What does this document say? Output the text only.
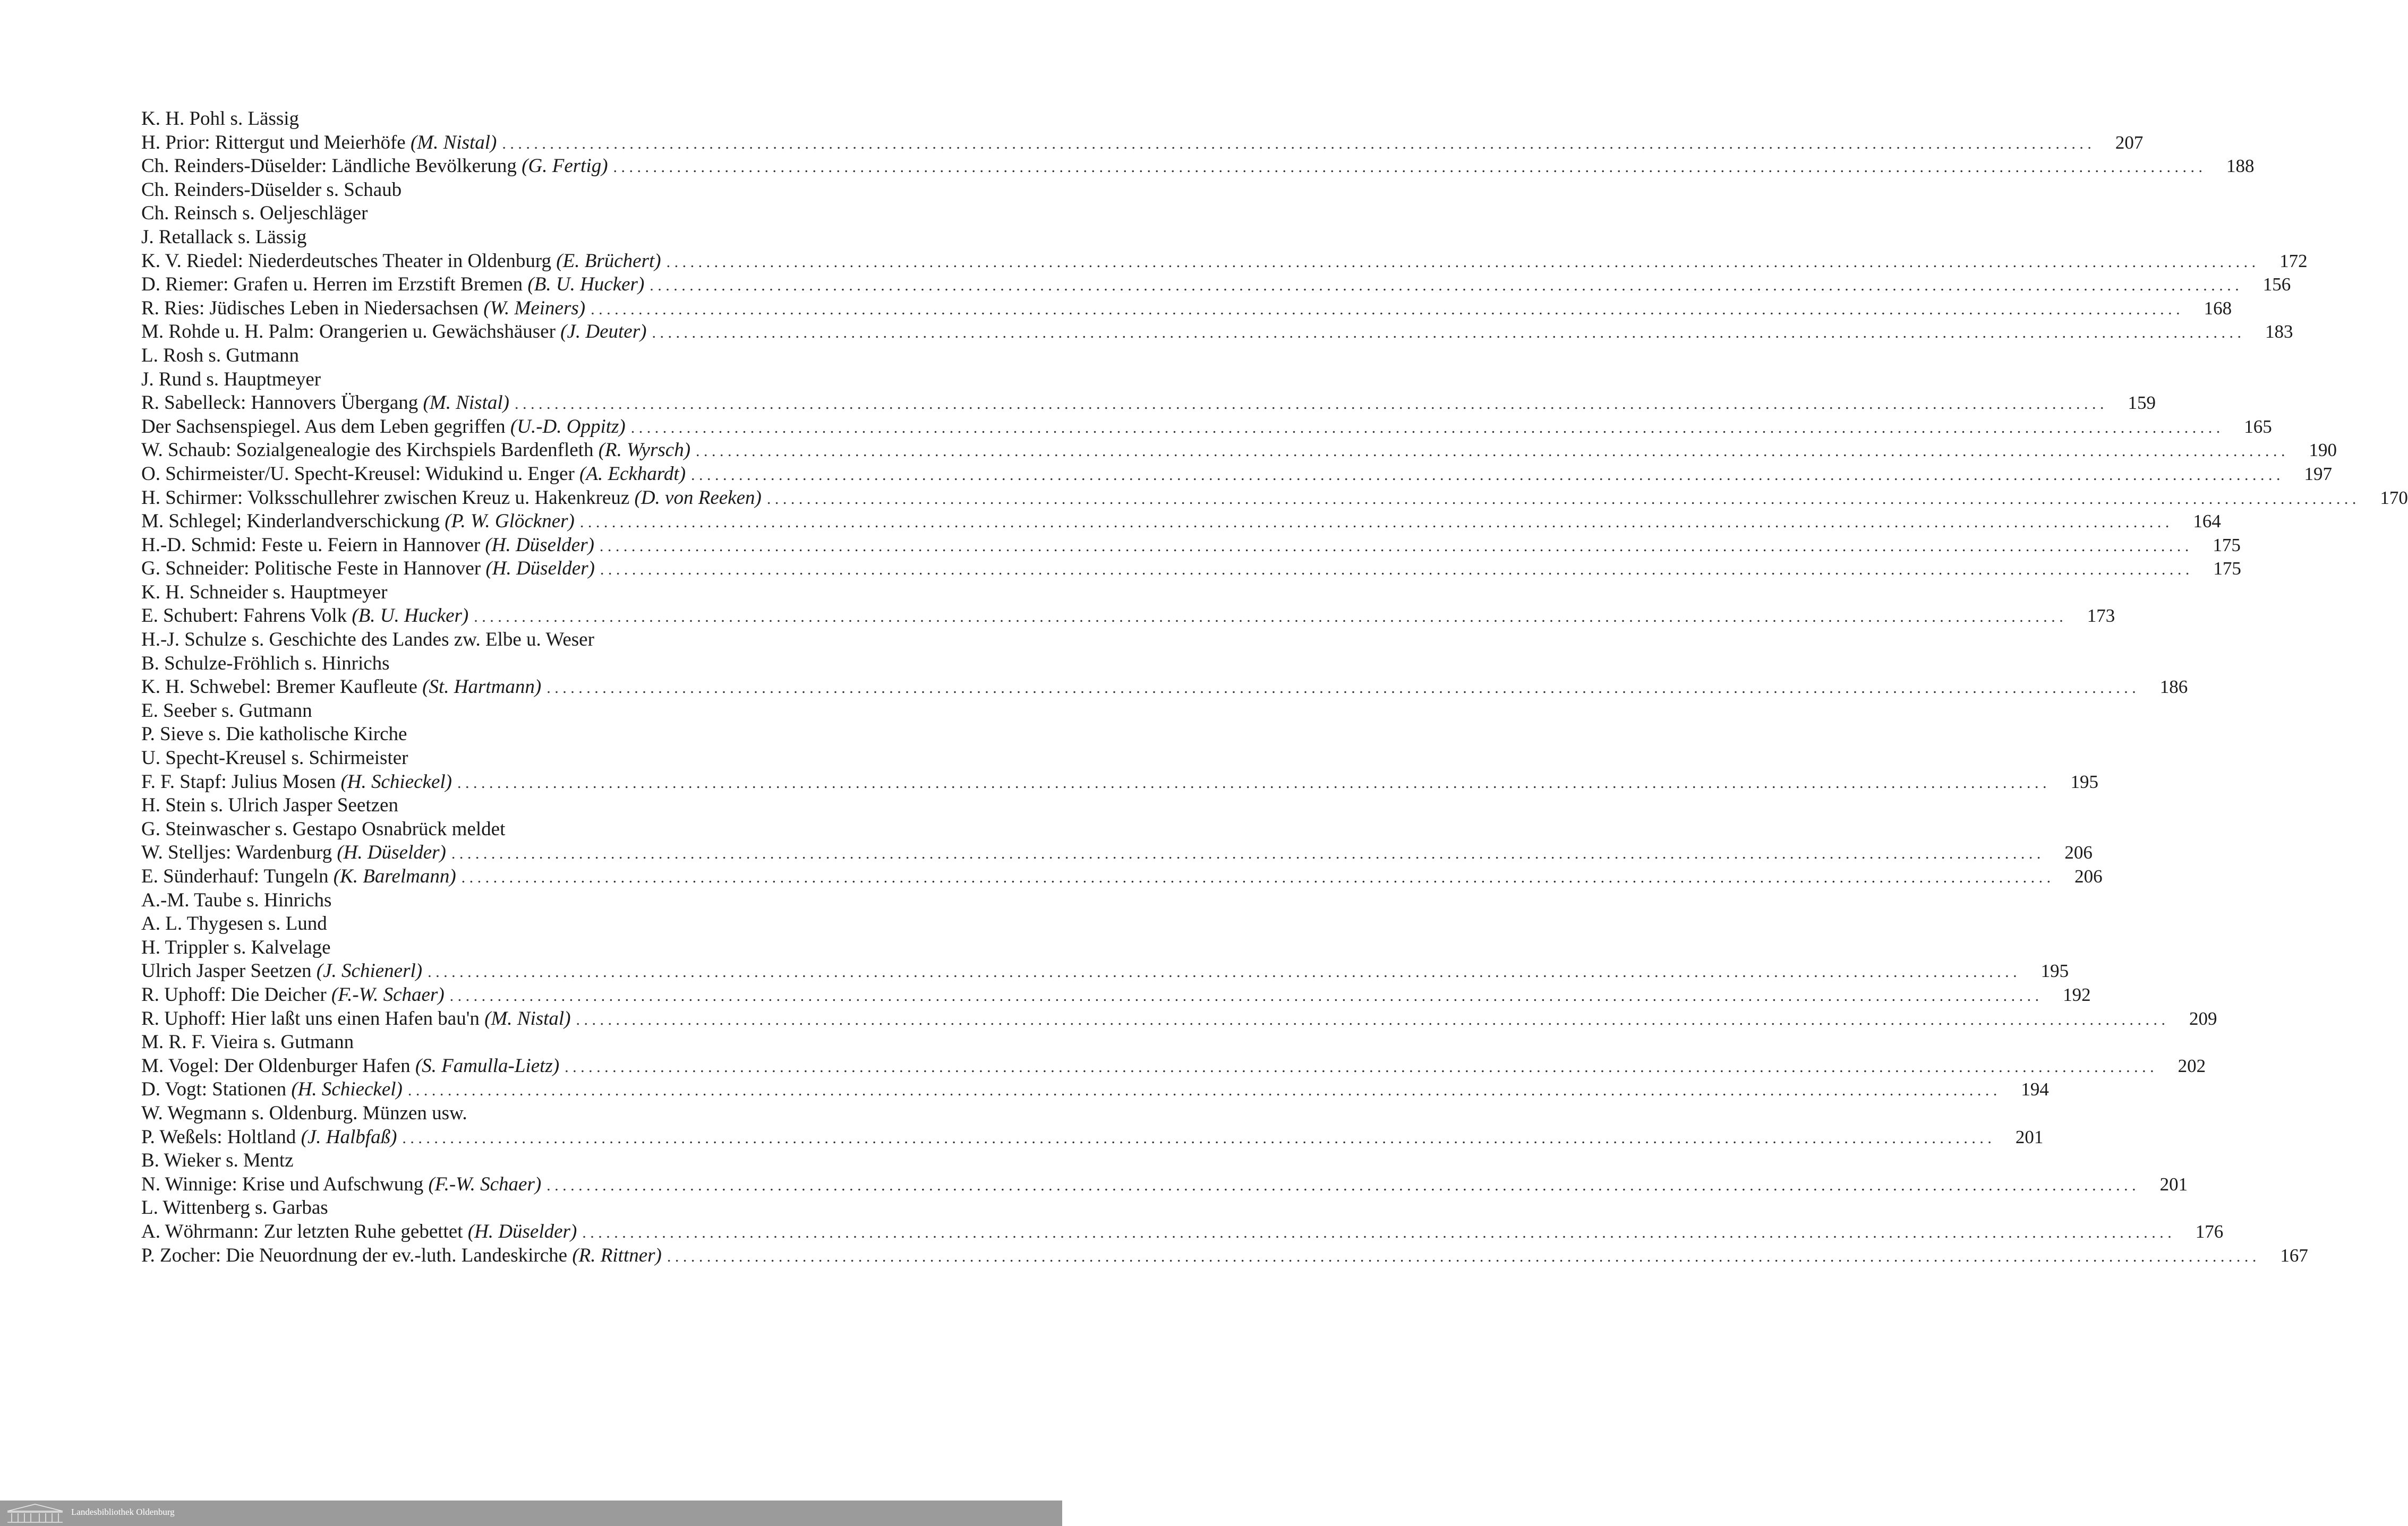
K. H. Pohl s. Lässig
H. Prior: Rittergut und Meierhöfe (M. Nistal) ........................................................................................................................................................................................................ 207
Ch. Reinders-Düselder: Ländliche Bevölkerung (G. Fertig) ........................................................................................................................................................................................................ 188
Ch. Reinders-Düselder s. Schaub
Ch. Reinsch s. Oeljeschläger
J. Retallack s. Lässig
K. V. Riedel: Niederdeutsches Theater in Oldenburg (E. Brüchert) ........................................................................................................................................................................................................ 172
D. Riemer: Grafen u. Herren im Erzstift Bremen (B. U. Hucker) ........................................................................................................................................................................................................ 156
R. Ries: Jüdisches Leben in Niedersachsen (W. Meiners) ........................................................................................................................................................................................................ 168
M. Rohde u. H. Palm: Orangerien u. Gewächshäuser (J. Deuter) ........................................................................................................................................................................................................ 183
L. Rosh s. Gutmann
J. Rund s. Hauptmeyer
R. Sabelleck: Hannovers Übergang (M. Nistal) ........................................................................................................................................................................................................ 159
Der Sachsenspiegel. Aus dem Leben gegriffen (U.-D. Oppitz) ........................................................................................................................................................................................................ 165
W. Schaub: Sozialgenealogie des Kirchspiels Bardenfleth (R. Wyrsch) ........................................................................................................................................................................................................ 190
O. Schirmeister/U. Specht-Kreusel: Widukind u. Enger (A. Eckhardt) ........................................................................................................................................................................................................ 197
H. Schirmer: Volksschullehrer zwischen Kreuz u. Hakenkreuz (D. von Reeken) ........................................................................................................................................................................................................ 170
M. Schlegel; Kinderlandverschickung (P. W. Glöckner) ........................................................................................................................................................................................................ 164
H.-D. Schmid: Feste u. Feiern in Hannover (H. Düselder) ........................................................................................................................................................................................................ 175
G. Schneider: Politische Feste in Hannover (H. Düselder) ........................................................................................................................................................................................................ 175
K. H. Schneider s. Hauptmeyer
E. Schubert: Fahrens Volk (B. U. Hucker) ........................................................................................................................................................................................................ 173
H.-J. Schulze s. Geschichte des Landes zw. Elbe u. Weser
B. Schulze-Fröhlich s. Hinrichs
K. H. Schwebel: Bremer Kaufleute (St. Hartmann) ........................................................................................................................................................................................................ 186
E. Seeber s. Gutmann
P. Sieve s. Die katholische Kirche
U. Specht-Kreusel s. Schirmeister
F. F. Stapf: Julius Mosen (H. Schieckel) ........................................................................................................................................................................................................ 195
H. Stein s. Ulrich Jasper Seetzen
G. Steinwascher s. Gestapo Osnabrück meldet
W. Stelljes: Wardenburg (H. Düselder) ........................................................................................................................................................................................................ 206
E. Sünderhauf: Tungeln (K. Barelmann) ........................................................................................................................................................................................................ 206
A.-M. Taube s. Hinrichs
A. L. Thygesen s. Lund
H. Trippler s. Kalvelage
Ulrich Jasper Seetzen (J. Schienerl) ........................................................................................................................................................................................................ 195
R. Uphoff: Die Deicher (F.-W. Schaer) ........................................................................................................................................................................................................ 192
R. Uphoff: Hier laßt uns einen Hafen bau'n (M. Nistal) ........................................................................................................................................................................................................ 209
M. R. F. Vieira s. Gutmann
M. Vogel: Der Oldenburger Hafen (S. Famulla-Lietz) ........................................................................................................................................................................................................ 202
D. Vogt: Stationen (H. Schieckel) ........................................................................................................................................................................................................ 194
W. Wegmann s. Oldenburg. Münzen usw.
P. Weßels: Holtland (J. Halbfaß) ........................................................................................................................................................................................................ 201
B. Wieker s. Mentz
N. Winnige: Krise und Aufschwung (F.-W. Schaer) ........................................................................................................................................................................................................ 201
L. Wittenberg s. Garbas
A. Wöhrmann: Zur letzten Ruhe gebettet (H. Düselder) ........................................................................................................................................................................................................ 176
P. Zocher: Die Neuordnung der ev.-luth. Landeskirche (R. Rittner) ........................................................................................................................................................................................................ 167
Landesbibliothek Oldenburg
